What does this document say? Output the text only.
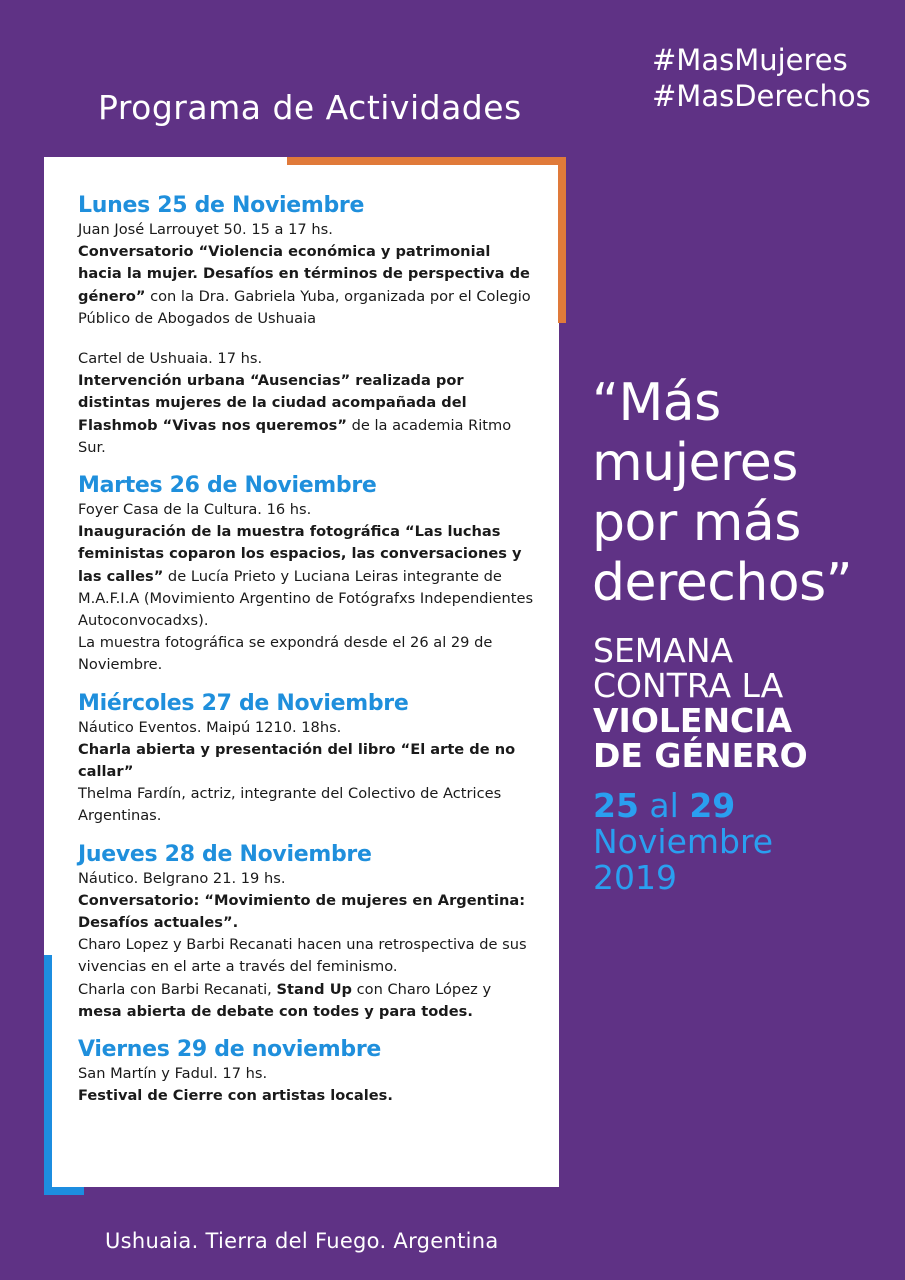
#MasMujeres
#MasDerechos
Programa de Actividades
Lunes 25 de Noviembre
Juan José Larrouyet 50. 15 a 17 hs.
Conversatorio “Violencia económica y patrimonial hacia la mujer. Desafíos en términos de perspectiva de género” con la Dra. Gabriela Yuba, organizada por el Colegio Público de Abogados de Ushuaia
Cartel de Ushuaia. 17 hs.
Intervención urbana “Ausencias” realizada por distintas mujeres de la ciudad acompañada del Flashmob “Vivas nos queremos” de la academia Ritmo Sur.
Martes 26 de Noviembre
Foyer Casa de la Cultura. 16 hs.
Inauguración de la muestra fotográfica “Las luchas feministas coparon los espacios, las conversaciones y las calles” de Lucía Prieto y Luciana Leiras integrante de M.A.F.I.A (Movimiento Argentino de Fotógrafxs Independientes Autoconvocadxs).
La muestra fotográfica se expondrá desde el 26 al 29 de Noviembre.
Miércoles 27 de Noviembre
Náutico Eventos. Maipú 1210. 18hs.
Charla abierta y presentación del libro “El arte de no callar”
Thelma Fardín, actriz, integrante del Colectivo de Actrices Argentinas.
Jueves 28 de Noviembre
Náutico. Belgrano 21. 19 hs.
Conversatorio: “Movimiento de mujeres en Argentina: Desafíos actuales”.
Charo Lopez y Barbi Recanati hacen una retrospectiva de sus vivencias en el arte a través del feminismo.
Charla con Barbi Recanati, Stand Up con Charo López y mesa abierta de debate con todes y para todes.
Viernes 29 de noviembre
San Martín y Fadul. 17 hs.
Festival de Cierre con artistas locales.
“Más
mujeres
por más
derechos”
SEMANA
CONTRA LA
VIOLENCIA
DE GÉNERO
25 al 29
Noviembre
2019
Ushuaia. Tierra del Fuego. Argentina
